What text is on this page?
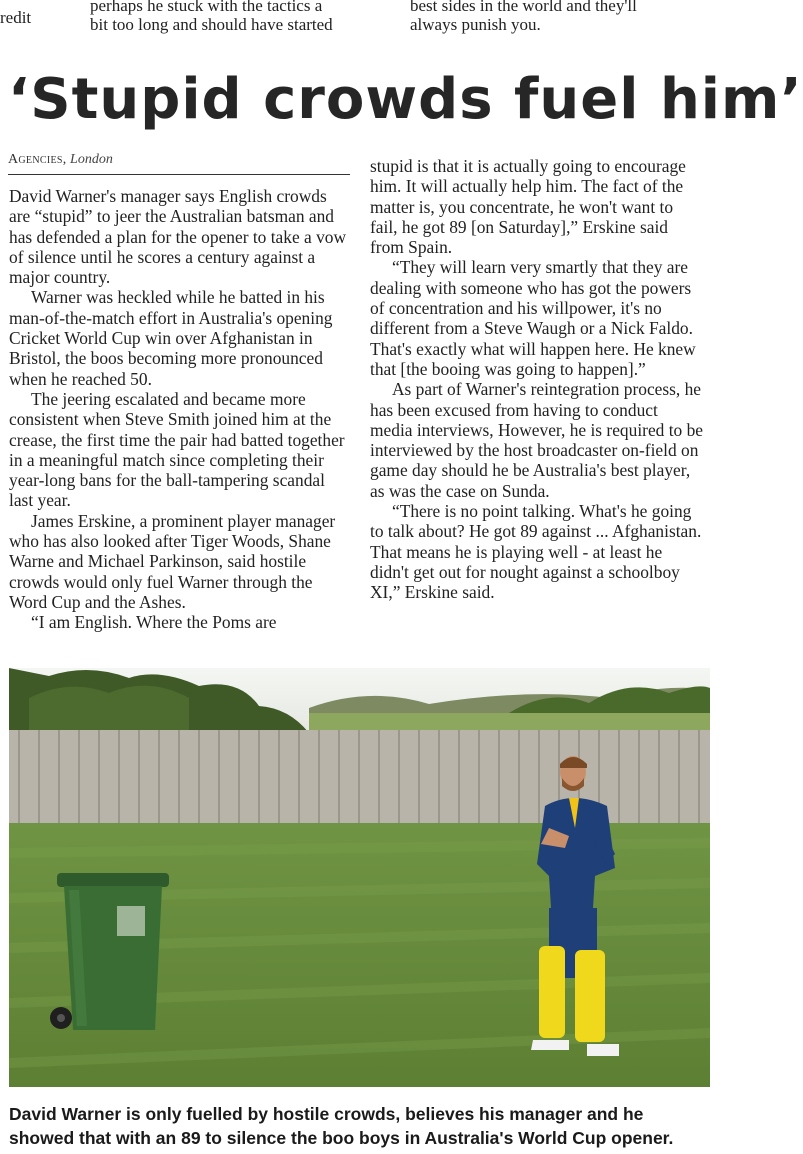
redit
perhaps he stuck with the tactics a
bit too long and should have started
best sides in the world and they'll
always punish you.
‘Stupid crowds fuel him’
Agencies, London

David Warner's manager says English crowds are “stupid” to jeer the Australian batsman and has defended a plan for the opener to take a vow of silence until he scores a century against a major country.

Warner was heckled while he batted in his man-of-the-match effort in Australia's opening Cricket World Cup win over Afghanistan in Bristol, the boos becoming more pronounced when he reached 50.

The jeering escalated and became more consistent when Steve Smith joined him at the crease, the first time the pair had batted together in a meaningful match since completing their year-long bans for the ball-tampering scandal last year.

James Erskine, a prominent player manager who has also looked after Tiger Woods, Shane Warne and Michael Parkinson, said hostile crowds would only fuel Warner through the Word Cup and the Ashes.

“I am English. Where the Poms are

stupid is that it is actually going to encourage him. It will actually help him. The fact of the matter is, you concentrate, he won't want to fail, he got 89 [on Saturday],” Erskine said from Spain.

“They will learn very smartly that they are dealing with someone who has got the powers of concentration and his willpower, it's no different from a Steve Waugh or a Nick Faldo. That's exactly what will happen here. He knew that [the booing was going to happen].”

As part of Warner's reintegration process, he has been excused from having to conduct media interviews, However, he is required to be interviewed by the host broadcaster on-field on game day should he be Australia's best player, as was the case on Sunda.

“There is no point talking. What's he going to talk about? He got 89 against ... Afghanistan. That means he is playing well - at least he didn't get out for nought against a schoolboy XI,” Erskine said.

David Warner is only fuelled by hostile crowds, believes his manager and he showed that with an 89 to silence the boo boys in Australia's World Cup opener.
